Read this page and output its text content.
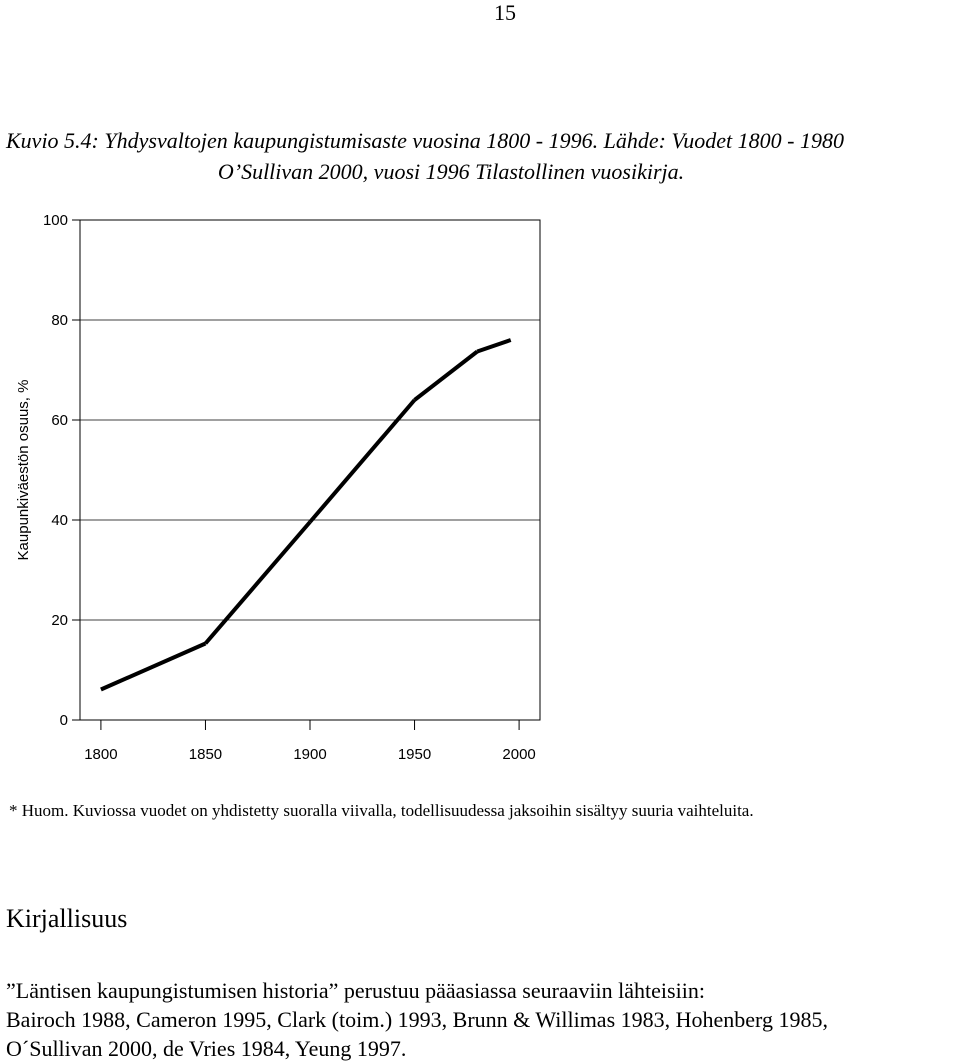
15
Kuvio 5.4: Yhdysvaltojen kaupungistumisaste vuosina 1800 - 1996. Lähde: Vuodet 1800 - 1980
O’Sullivan 2000, vuosi 1996 Tilastollinen vuosikirja.
0
20
40
60
80
100
1800	1850	1900	1950	2000
Kaupunkiväestön osuus, %
* Huom. Kuviossa vuodet on yhdistetty suoralla viivalla, todellisuudessa jaksoihin sisältyy suuria vaihteluita.
Kirjallisuus
”Läntisen kaupungistumisen historia” perustuu pääasiassa seuraaviin lähteisiin:
Bairoch 1988, Cameron 1995, Clark (toim.) 1993, Brunn & Willimas 1983, Hohenberg 1985,
O´Sullivan 2000, de Vries 1984, Yeung 1997.
